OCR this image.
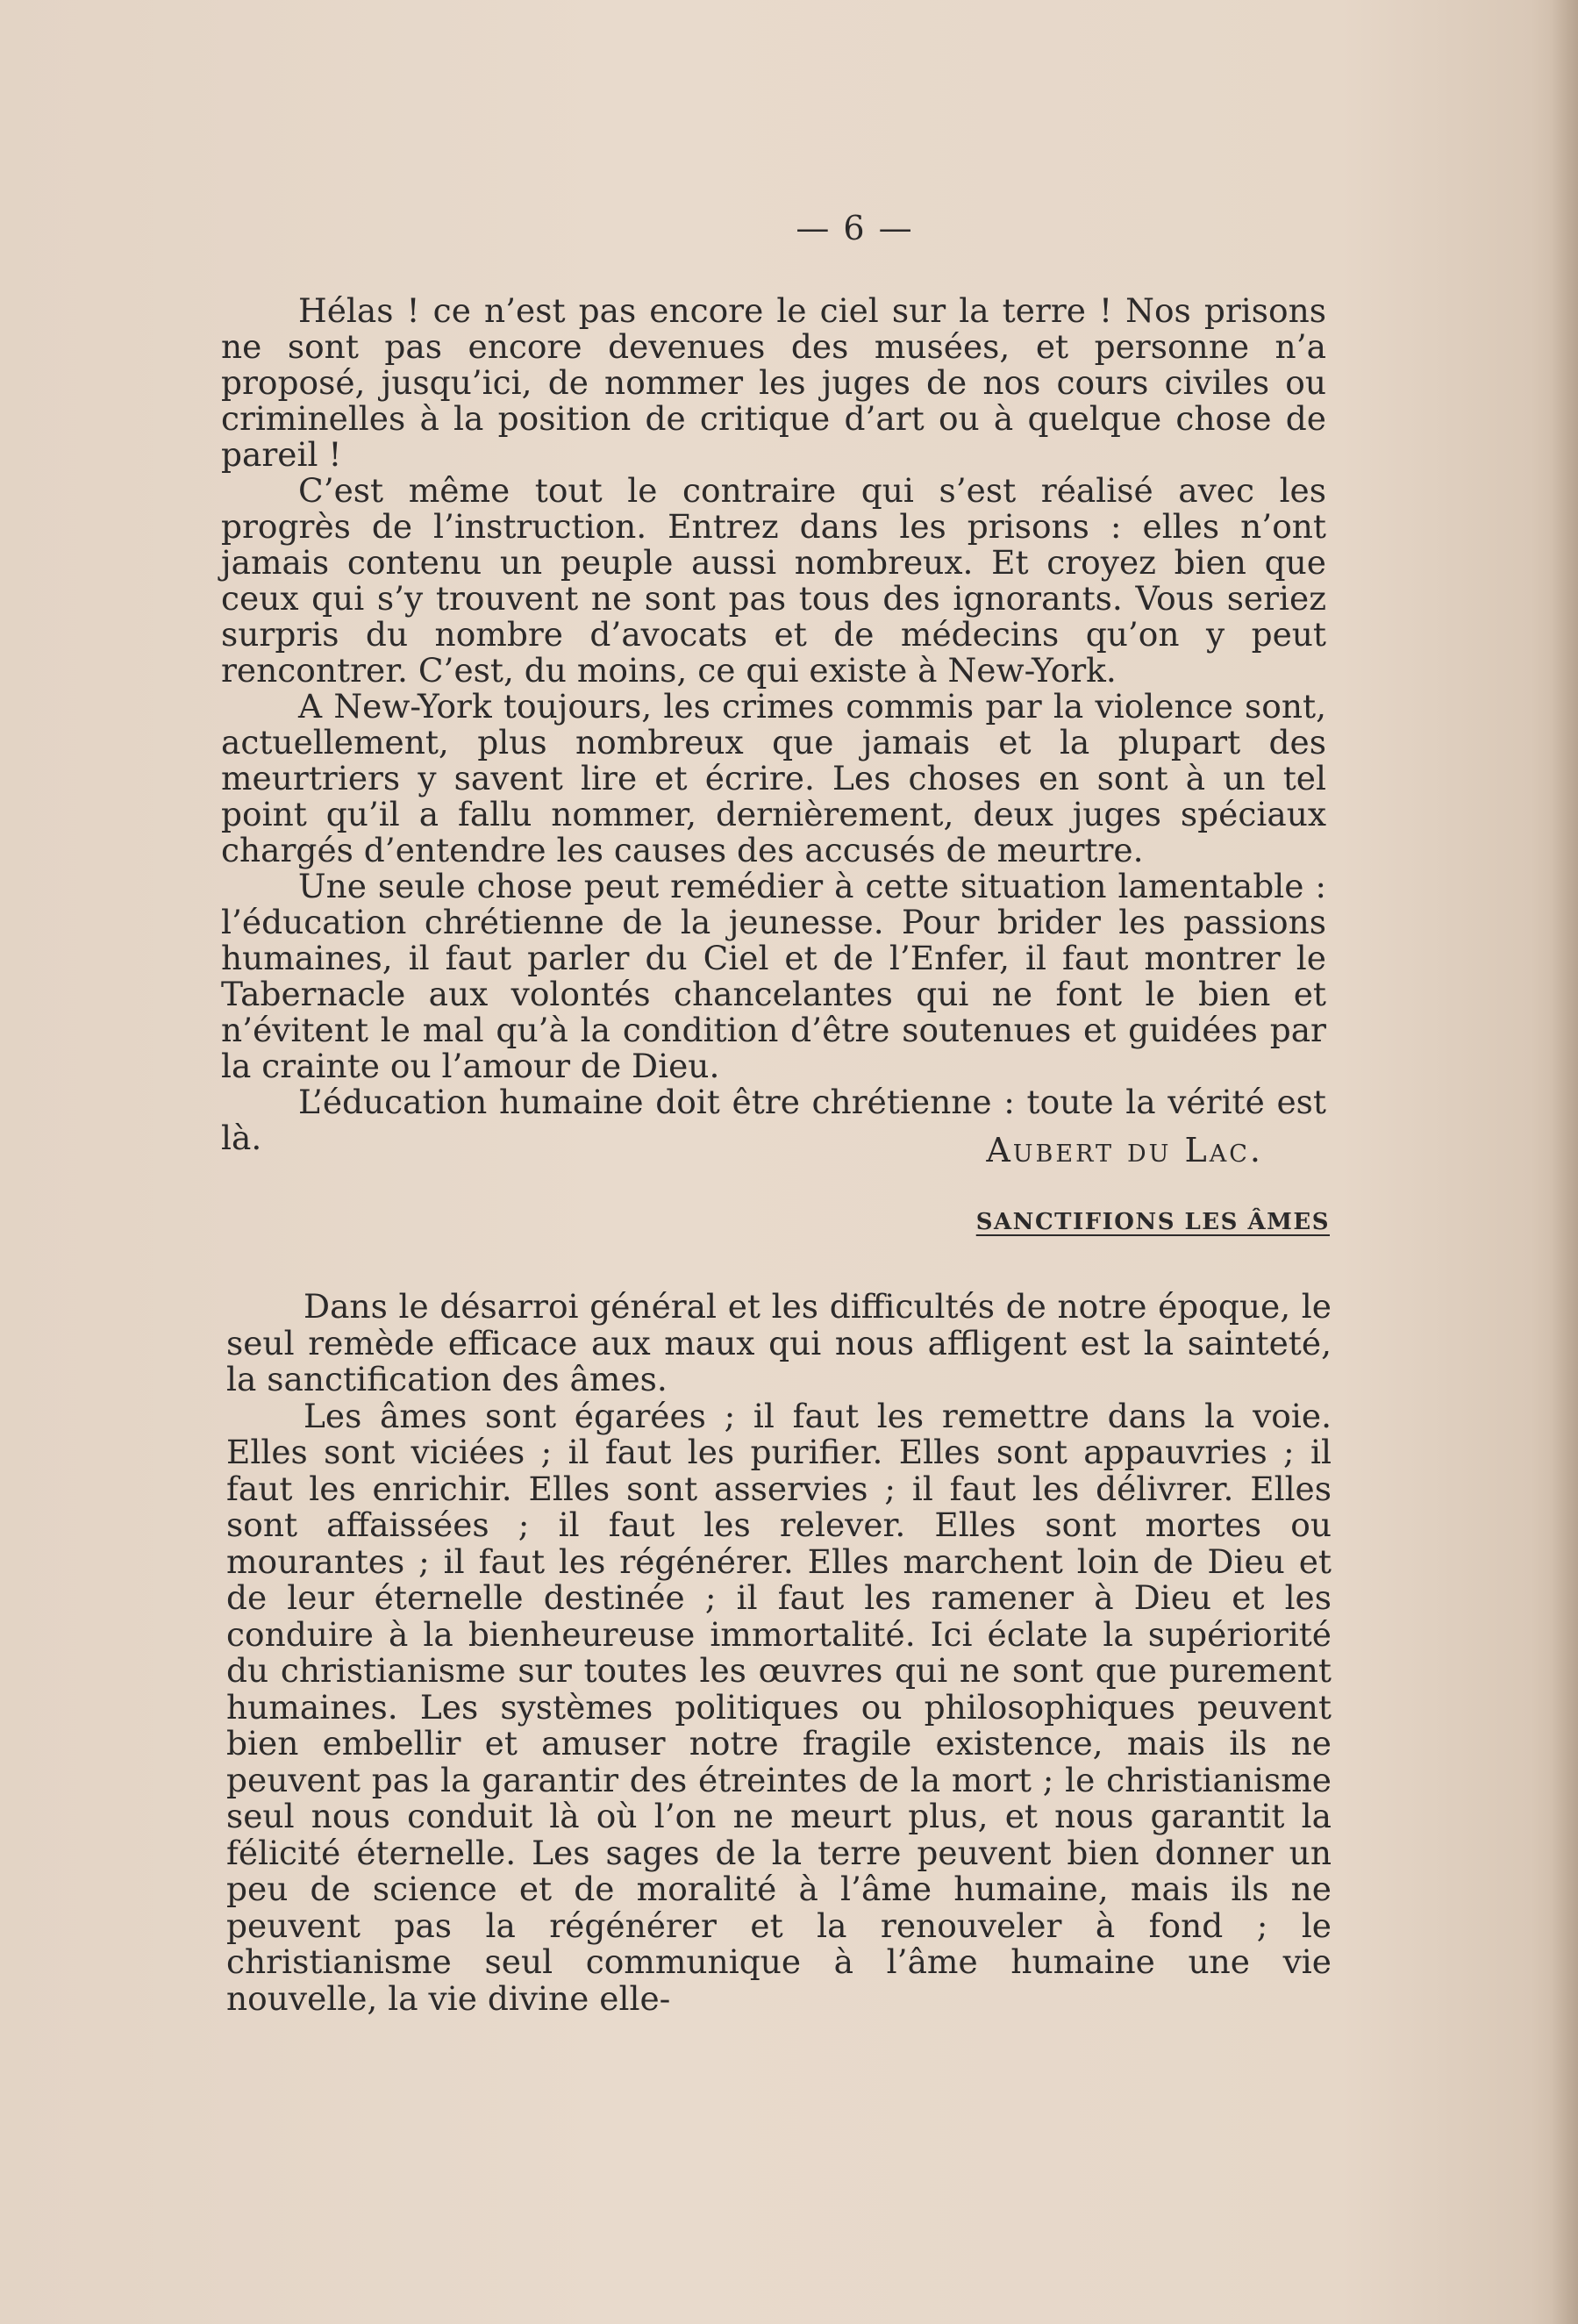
— 6 —

Hélas ! ce n’est pas encore le ciel sur la terre ! Nos prisons ne sont pas encore devenues des musées, et personne n’a proposé, jusqu’ici, de nommer les juges de nos cours civiles ou criminelles à la position de critique d’art ou à quelque chose de pareil !

C’est même tout le contraire qui s’est réalisé avec les progrès de l’instruction. Entrez dans les prisons : elles n’ont jamais contenu un peuple aussi nombreux. Et croyez bien que ceux qui s’y trouvent ne sont pas tous des ignorants. Vous seriez surpris du nombre d’avocats et de médecins qu’on y peut rencontrer. C’est, du moins, ce qui existe à New-York.

A New-York toujours, les crimes commis par la violence sont, actuellement, plus nombreux que jamais et la plupart des meurtriers y savent lire et écrire. Les choses en sont à un tel point qu’il a fallu nommer, dernièrement, deux juges spéciaux chargés d’entendre les causes des accusés de meurtre.

Une seule chose peut remédier à cette situation lamentable : l’éducation chrétienne de la jeunesse. Pour brider les passions humaines, il faut parler du Ciel et de l’Enfer, il faut montrer le Tabernacle aux volontés chancelantes qui ne font le bien et n’évitent le mal qu’à la condition d’être soutenues et guidées par la crainte ou l’amour de Dieu.

L’éducation humaine doit être chrétienne : toute la vérité est là.	Aubert du Lac.
SANCTIFIONS LES ÂMES

Dans le désarroi général et les difficultés de notre époque, le seul remède efficace aux maux qui nous affligent est la sainteté, la sanctification des âmes.

Les âmes sont égarées ; il faut les remettre dans la voie. Elles sont viciées ; il faut les purifier. Elles sont appauvries ; il faut les enrichir. Elles sont asservies ; il faut les délivrer. Elles sont affaissées ; il faut les relever. Elles sont mortes ou mourantes ; il faut les régénérer. Elles marchent loin de Dieu et de leur éternelle destinée ; il faut les ramener à Dieu et les conduire à la bienheureuse immortalité. Ici éclate la supériorité du christianisme sur toutes les œuvres qui ne sont que purement humaines. Les systèmes politiques ou philosophiques peuvent bien embellir et amuser notre fragile existence, mais ils ne peuvent pas la garantir des étreintes de la mort ; le christianisme seul nous conduit là où l’on ne meurt plus, et nous garantit la félicité éternelle. Les sages de la terre peuvent bien donner un peu de science et de moralité à l’âme humaine, mais ils ne peuvent pas la régénérer et la renouveler à fond ; le christianisme seul communique à l’âme humaine une vie nouvelle, la vie divine elle-
